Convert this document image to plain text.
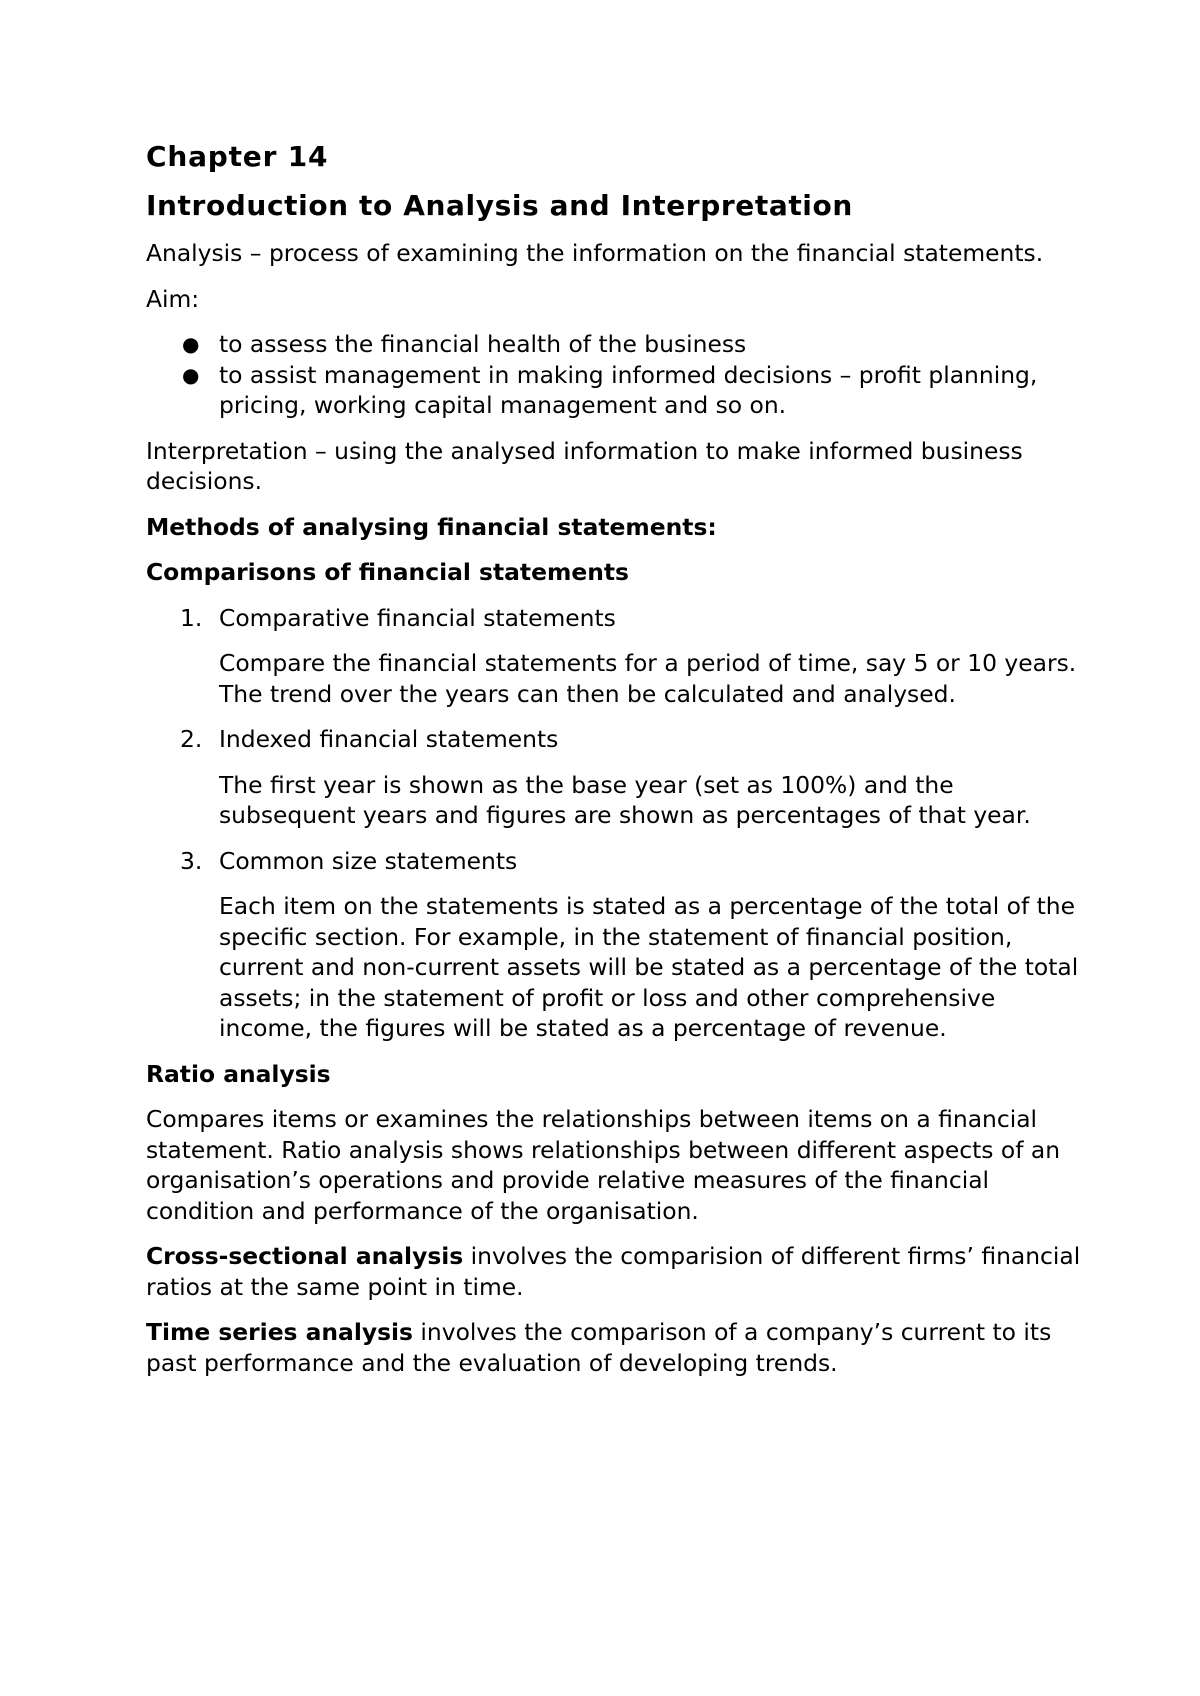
Chapter 14

Introduction to Analysis and Interpretation

Analysis – process of examining the information on the financial statements.

Aim:

● to assess the financial health of the business
● to assist management in making informed decisions – profit planning, pricing, working capital management and so on.

Interpretation – using the analysed information to make informed business decisions.

Methods of analysing financial statements:

Comparisons of financial statements

1. Comparative financial statements

Compare the financial statements for a period of time, say 5 or 10 years. The trend over the years can then be calculated and analysed.

2. Indexed financial statements

The first year is shown as the base year (set as 100%) and the subsequent years and figures are shown as percentages of that year.

3. Common size statements

Each item on the statements is stated as a percentage of the total of the specific section. For example, in the statement of financial position, current and non-current assets will be stated as a percentage of the total assets; in the statement of profit or loss and other comprehensive income, the figures will be stated as a percentage of revenue.

Ratio analysis

Compares items or examines the relationships between items on a financial statement. Ratio analysis shows relationships between different aspects of an organisation’s operations and provide relative measures of the financial condition and performance of the organisation.

Cross-sectional analysis involves the comparision of different firms’ financial ratios at the same point in time.

Time series analysis involves the comparison of a company’s current to its past performance and the evaluation of developing trends.
